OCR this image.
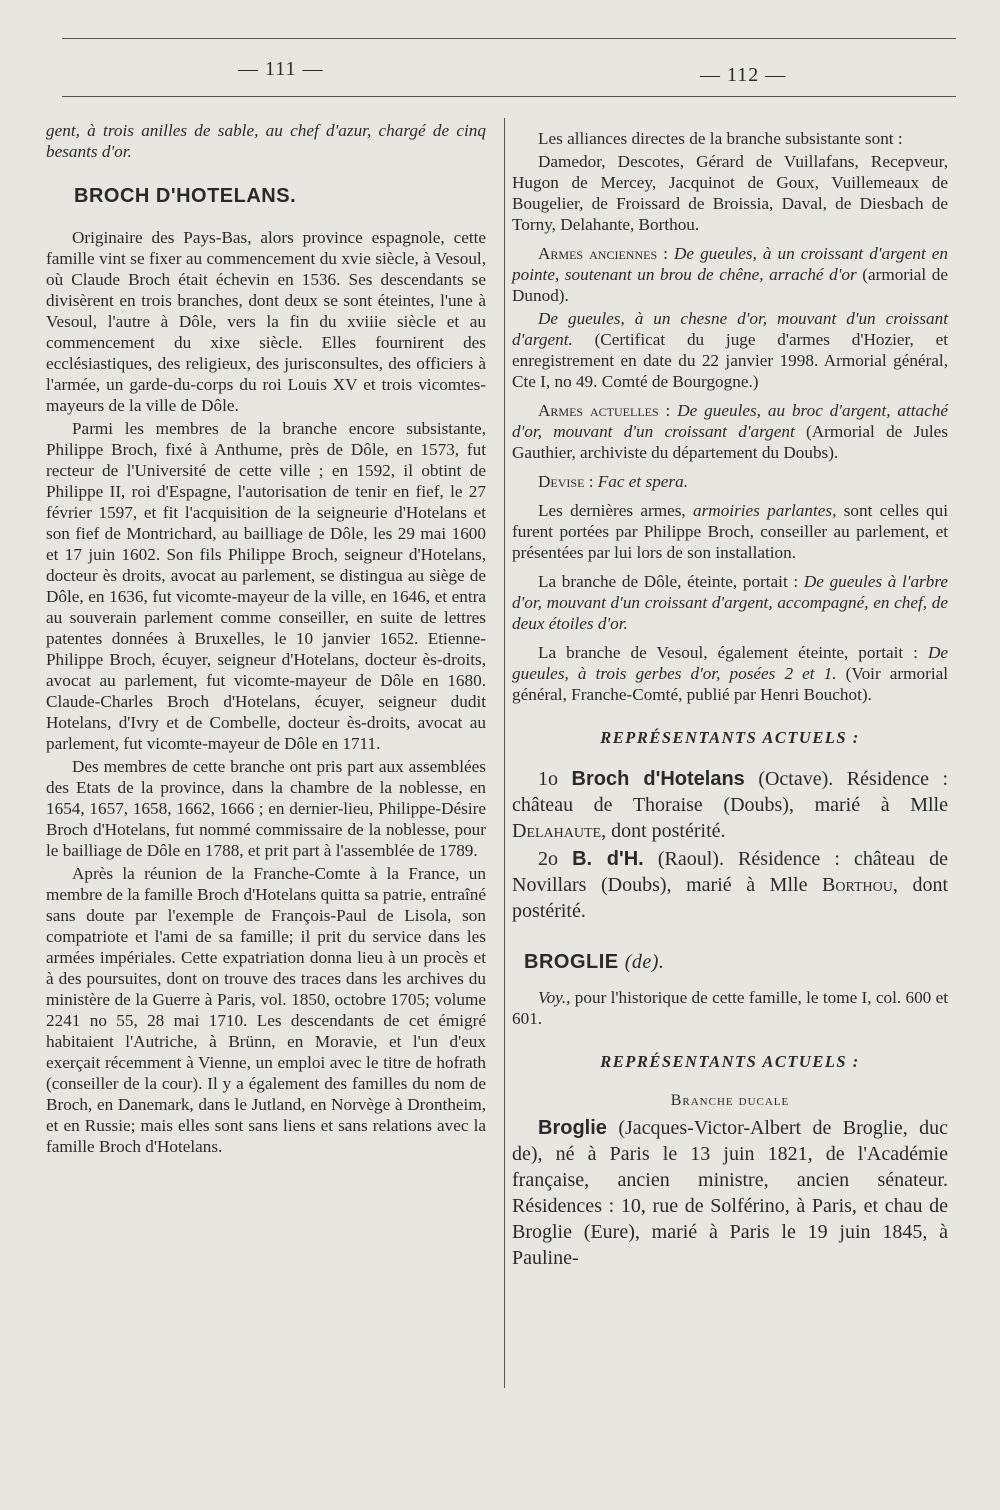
— 111 —	— 112 —

gent, à trois anilles de sable, au chef d'azur, chargé de cinq besants d'or.

BROCH D'HOTELANS.

Originaire des Pays-Bas, alors province espagnole, cette famille vint se fixer au commencement du xvie siècle, à Vesoul, où Claude Broch était échevin en 1536. Ses descendants se divisèrent en trois branches, dont deux se sont éteintes, l'une à Vesoul, l'autre à Dôle, vers la fin du xviiie siècle et au commencement du xixe siècle. Elles fournirent des ecclésiastiques, des religieux, des jurisconsultes, des officiers à l'armée, un garde-du-corps du roi Louis XV et trois vicomtes-mayeurs de la ville de Dôle.

Parmi les membres de la branche encore subsistante, Philippe Broch, fixé à Anthume, près de Dôle, en 1573, fut recteur de l'Université de cette ville ; en 1592, il obtint de Philippe II, roi d'Espagne, l'autorisation de tenir en fief, le 27 février 1597, et fit l'acquisition de la seigneurie d'Hotelans et son fief de Montrichard, au bailliage de Dôle, les 29 mai 1600 et 17 juin 1602. Son fils Philippe Broch, seigneur d'Hotelans, docteur ès droits, avocat au parlement, se distingua au siège de Dôle, en 1636, fut vicomte-mayeur de la ville, en 1646, et entra au souverain parlement comme conseiller, en suite de lettres patentes données à Bruxelles, le 10 janvier 1652. Etienne-Philippe Broch, écuyer, seigneur d'Hotelans, docteur ès-droits, avocat au parlement, fut vicomte-mayeur de Dôle en 1680. Claude-Charles Broch d'Hotelans, écuyer, seigneur dudit Hotelans, d'Ivry et de Combelle, docteur ès-droits, avocat au parlement, fut vicomte-mayeur de Dôle en 1711.

Des membres de cette branche ont pris part aux assemblées des Etats de la province, dans la chambre de la noblesse, en 1654, 1657, 1658, 1662, 1666 ; en dernier-lieu, Philippe-Désire Broch d'Hotelans, fut nommé commissaire de la noblesse, pour le bailliage de Dôle en 1788, et prit part à l'assemblée de 1789.

Après la réunion de la Franche-Comte à la France, un membre de la famille Broch d'Hotelans quitta sa patrie, entraîné sans doute par l'exemple de François-Paul de Lisola, son compatriote et l'ami de sa famille; il prit du service dans les armées impériales. Cette expatriation donna lieu à un procès et à des poursuites, dont on trouve des traces dans les archives du ministère de la Guerre à Paris, vol. 1850, octobre 1705; volume 2241 no 55, 28 mai 1710. Les descendants de cet émigré habitaient l'Autriche, à Brünn, en Moravie, et l'un d'eux exerçait récemment à Vienne, un emploi avec le titre de hofrath (conseiller de la cour). Il y a également des familles du nom de Broch, en Danemark, dans le Jutland, en Norvège à Drontheim, et en Russie; mais elles sont sans liens et sans relations avec la famille Broch d'Hotelans.

Les alliances directes de la branche subsistante sont :

Damedor, Descotes, Gérard de Vuillafans, Recepveur, Hugon de Mercey, Jacquinot de Goux, Vuillemeaux de Bougelier, de Froissard de Broissia, Daval, de Diesbach de Torny, Delahante, Borthou.

Armes anciennes : De gueules, à un croissant d'argent en pointe, soutenant un brou de chêne, arraché d'or (armorial de Dunod).

De gueules, à un chesne d'or, mouvant d'un croissant d'argent. (Certificat du juge d'armes d'Hozier, et enregistrement en date du 22 janvier 1998. Armorial général, Cte I, no 49. Comté de Bourgogne.)

Armes actuelles : De gueules, au broc d'argent, attaché d'or, mouvant d'un croissant d'argent (Armorial de Jules Gauthier, archiviste du département du Doubs).

Devise : Fac et spera.

Les dernières armes, armoiries parlantes, sont celles qui furent portées par Philippe Broch, conseiller au parlement, et présentées par lui lors de son installation.

La branche de Dôle, éteinte, portait : De gueules à l'arbre d'or, mouvant d'un croissant d'argent, accompagné, en chef, de deux étoiles d'or.

La branche de Vesoul, également éteinte, portait : De gueules, à trois gerbes d'or, posées 2 et 1. (Voir armorial général, Franche-Comté, publié par Henri Bouchot).

REPRÉSENTANTS ACTUELS :

1o Broch d'Hotelans (Octave). Résidence : château de Thoraise (Doubs), marié à Mlle Delahaute, dont postérité.

2o B. d'H. (Raoul). Résidence : château de Novillars (Doubs), marié à Mlle Borthou, dont postérité.

BROGLIE (de).

Voy., pour l'historique de cette famille, le tome I, col. 600 et 601.

REPRÉSENTANTS ACTUELS :
Branche ducale

Broglie (Jacques-Victor-Albert de Broglie, duc de), né à Paris le 13 juin 1821, de l'Académie française, ancien ministre, ancien sénateur. Résidences : 10, rue de Solférino, à Paris, et chau de Broglie (Eure), marié à Paris le 19 juin 1845, à Pauline-
